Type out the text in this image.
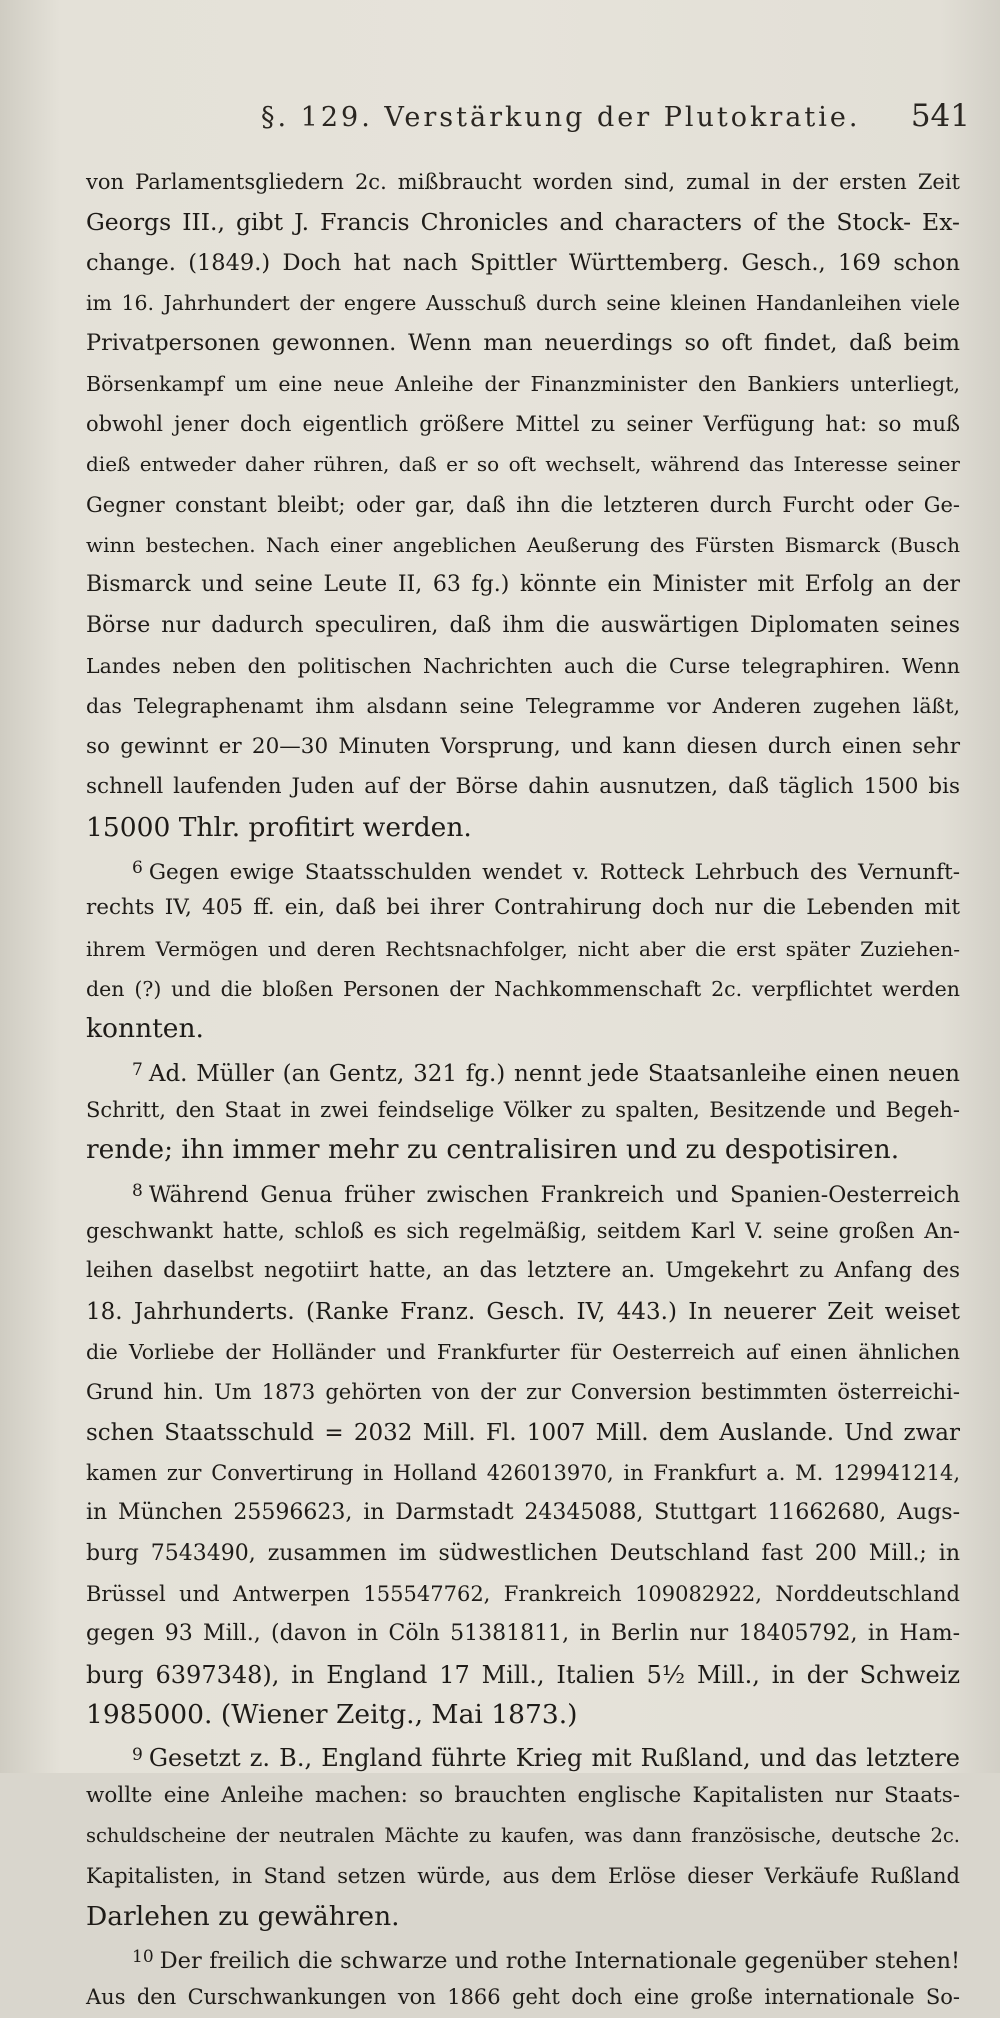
§. 129. Verstärkung der Plutokratie. 541
von Parlamentsgliedern 2c. mißbraucht worden sind, zumal in der ersten Zeit
Georgs III., gibt J. Francis Chronicles and characters of the Stock- Ex-
change. (1849.) Doch hat nach Spittler Württemberg. Gesch., 169 schon
im 16. Jahrhundert der engere Ausschuß durch seine kleinen Handanleihen viele
Privatpersonen gewonnen. Wenn man neuerdings so oft findet, daß beim
Börsenkampf um eine neue Anleihe der Finanzminister den Bankiers unterliegt,
obwohl jener doch eigentlich größere Mittel zu seiner Verfügung hat: so muß
dieß entweder daher rühren, daß er so oft wechselt, während das Interesse seiner
Gegner constant bleibt; oder gar, daß ihn die letzteren durch Furcht oder Ge-
winn bestechen. Nach einer angeblichen Aeußerung des Fürsten Bismarck (Busch
Bismarck und seine Leute II, 63 fg.) könnte ein Minister mit Erfolg an der
Börse nur dadurch speculiren, daß ihm die auswärtigen Diplomaten seines
Landes neben den politischen Nachrichten auch die Curse telegraphiren. Wenn
das Telegraphenamt ihm alsdann seine Telegramme vor Anderen zugehen läßt,
so gewinnt er 20—30 Minuten Vorsprung, und kann diesen durch einen sehr
schnell laufenden Juden auf der Börse dahin ausnutzen, daß täglich 1500 bis
15000 Thlr. profitirt werden.
$^6$ Gegen ewige Staatsschulden wendet v. Rotteck Lehrbuch des Vernunft-
rechts IV, 405 ff. ein, daß bei ihrer Contrahirung doch nur die Lebenden mit
ihrem Vermögen und deren Rechtsnachfolger, nicht aber die erst später Zuziehen-
den (?) und die bloßen Personen der Nachkommenschaft 2c. verpflichtet werden
konnten.
$^7$ Ad. Müller (an Gentz, 321 fg.) nennt jede Staatsanleihe einen neuen
Schritt, den Staat in zwei feindselige Völker zu spalten, Besitzende und Begeh-
rende; ihn immer mehr zu centralisiren und zu despotisiren.
$^8$ Während Genua früher zwischen Frankreich und Spanien-Oesterreich
geschwankt hatte, schloß es sich regelmäßig, seitdem Karl V. seine großen An-
leihen daselbst negotiirt hatte, an das letztere an. Umgekehrt zu Anfang des
18. Jahrhunderts. (Ranke Franz. Gesch. IV, 443.) In neuerer Zeit weiset
die Vorliebe der Holländer und Frankfurter für Oesterreich auf einen ähnlichen
Grund hin. Um 1873 gehörten von der zur Conversion bestimmten österreichi-
schen Staatsschuld = 2032 Mill. Fl. 1007 Mill. dem Auslande. Und zwar
kamen zur Convertirung in Holland 426013970, in Frankfurt a. M. 129941214,
in München 25596623, in Darmstadt 24345088, Stuttgart 11662680, Augs-
burg 7543490, zusammen im südwestlichen Deutschland fast 200 Mill.; in
Brüssel und Antwerpen 155547762, Frankreich 109082922, Norddeutschland
gegen 93 Mill., (davon in Cöln 51381811, in Berlin nur 18405792, in Ham-
burg 6397348), in England 17 Mill., Italien 5½ Mill., in der Schweiz
1985000. (Wiener Zeitg., Mai 1873.)
$^9$ Gesetzt z. B., England führte Krieg mit Rußland, und das letztere
wollte eine Anleihe machen: so brauchten englische Kapitalisten nur Staats-
schuldscheine der neutralen Mächte zu kaufen, was dann französische, deutsche 2c.
Kapitalisten, in Stand setzen würde, aus dem Erlöse dieser Verkäufe Rußland
Darlehen zu gewähren.
$^{10}$ Der freilich die schwarze und rothe Internationale gegenüber stehen!
Aus den Curschwankungen von 1866 geht doch eine große internationale So-
